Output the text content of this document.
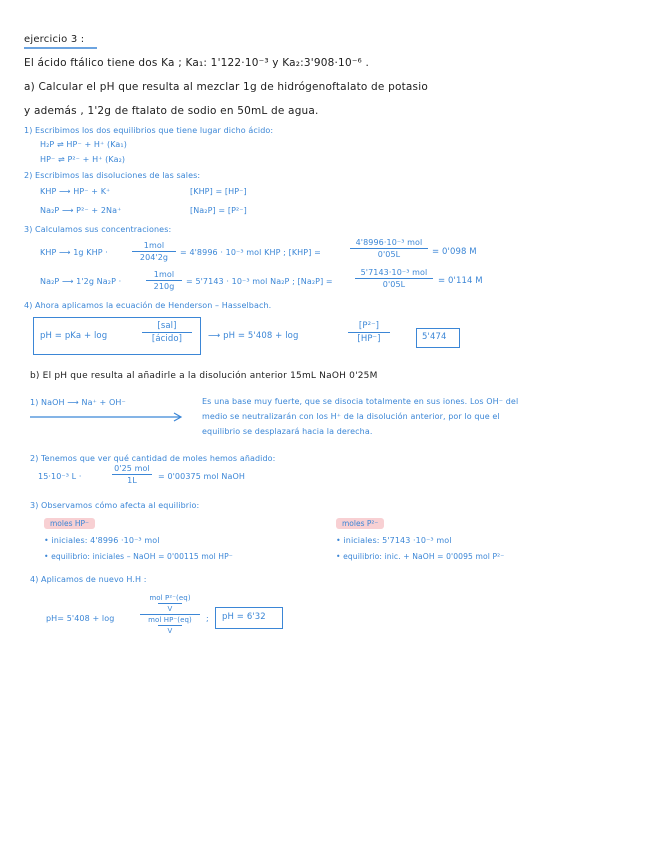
ejercicio 3 :
El ácido ftálico tiene dos Ka ; Ka₁: 1'122·10⁻³ y Ka₂:3'908·10⁻⁶ .
a) Calcular el pH que resulta al mezclar 1g de hidrógenoftalato de potasio
y además , 1'2g de ftalato de sodio en 50mL de agua.
1) Escribimos los dos equilibrios que tiene lugar dicho ácido:
H₂P ⇌ HP⁻ + H⁺ (Ka₁)
HP⁻ ⇌ P²⁻ + H⁺ (Ka₂)
2) Escribimos las disoluciones de las sales:
KHP ⟶ HP⁻ + K⁺	[KHP] = [HP⁻]
Na₂P ⟶ P²⁻ + 2Na⁺	[Na₂P] = [P²⁻]
3) Calculamos sus concentraciones:
KHP ⟶ 1g KHP ·
1mol
204'2g
= 4'8996 · 10⁻³ mol KHP ; [KHP] =
4'8996·10⁻³ mol
0'05L	= 0'098 M
Na₂P ⟶ 1'2g Na₂P ·
1mol
210g
= 5'7143 · 10⁻³ mol Na₂P ; [Na₂P] =
5'7143·10⁻³ mol
0'05L	= 0'114 M
4) Ahora aplicamos la ecuación de Henderson – Hasselbach.
pH = pKa + log
[sal]
[ácido]	⟶ pH = 5'408 + log
[P²⁻]
[HP⁻]	5'474
b) El pH que resulta al añadirle a la disolución anterior 15mL NaOH 0'25M
1) NaOH ⟶ Na⁺ + OH⁻	Es una base muy fuerte, que se disocia totalmente en sus iones. Los OH⁻ del
medio se neutralizarán con los H⁺ de la disolución anterior, por lo que el
equilibrio se desplazará hacia la derecha.
2) Tenemos que ver qué cantidad de moles hemos añadido:
15·10⁻³ L ·
0'25 mol
1L	= 0'00375 mol NaOH
3) Observamos cómo afecta al equilibrio:
moles HP⁻
• iniciales: 4'8996 ·10⁻³ mol
• equilibrio: iniciales – NaOH = 0'00115 mol HP⁻
moles P²⁻
• iniciales: 5'7143 ·10⁻³ mol
• equilibrio: inic. + NaOH = 0'0095 mol P²⁻
4) Aplicamos de nuevo H.H :
pH= 5'408 + log
mol P²⁻(eq)
V
mol HP⁻(eq)
V
; pH = 6'32
